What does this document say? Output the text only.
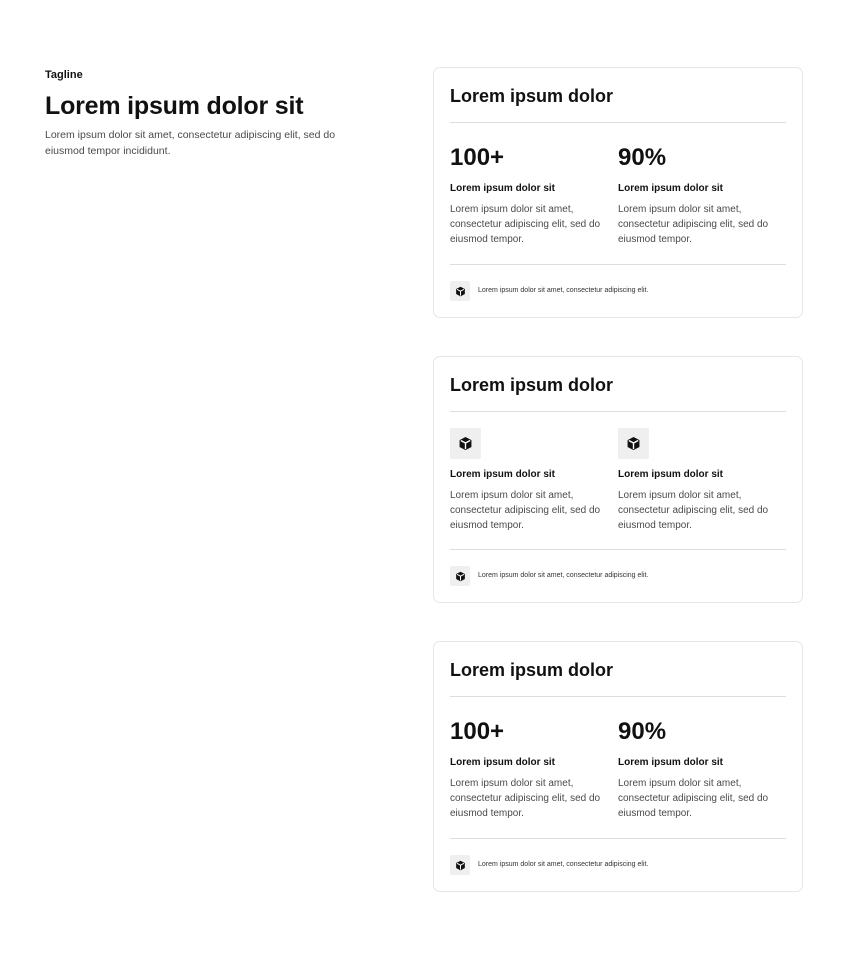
Tagline
Lorem ipsum dolor sit

Lorem ipsum dolor sit amet, consectetur adipiscing elit, sed do eiusmod tempor incididunt.

Lorem ipsum dolor
100+
Lorem ipsum dolor sit
Lorem ipsum dolor sit amet, consectetur adipiscing elit, sed do eiusmod tempor.
90%
Lorem ipsum dolor sit
Lorem ipsum dolor sit amet, consectetur adipiscing elit, sed do eiusmod tempor.
Lorem ipsum dolor sit amet, consectetur adipiscing elit.
Lorem ipsum dolor
Lorem ipsum dolor sit
Lorem ipsum dolor sit amet, consectetur adipiscing elit, sed do eiusmod tempor.
Lorem ipsum dolor sit
Lorem ipsum dolor sit amet, consectetur adipiscing elit, sed do eiusmod tempor.
Lorem ipsum dolor sit amet, consectetur adipiscing elit.
Lorem ipsum dolor
100+
Lorem ipsum dolor sit
Lorem ipsum dolor sit amet, consectetur adipiscing elit, sed do eiusmod tempor.
90%
Lorem ipsum dolor sit
Lorem ipsum dolor sit amet, consectetur adipiscing elit, sed do eiusmod tempor.
Lorem ipsum dolor sit amet, consectetur adipiscing elit.
